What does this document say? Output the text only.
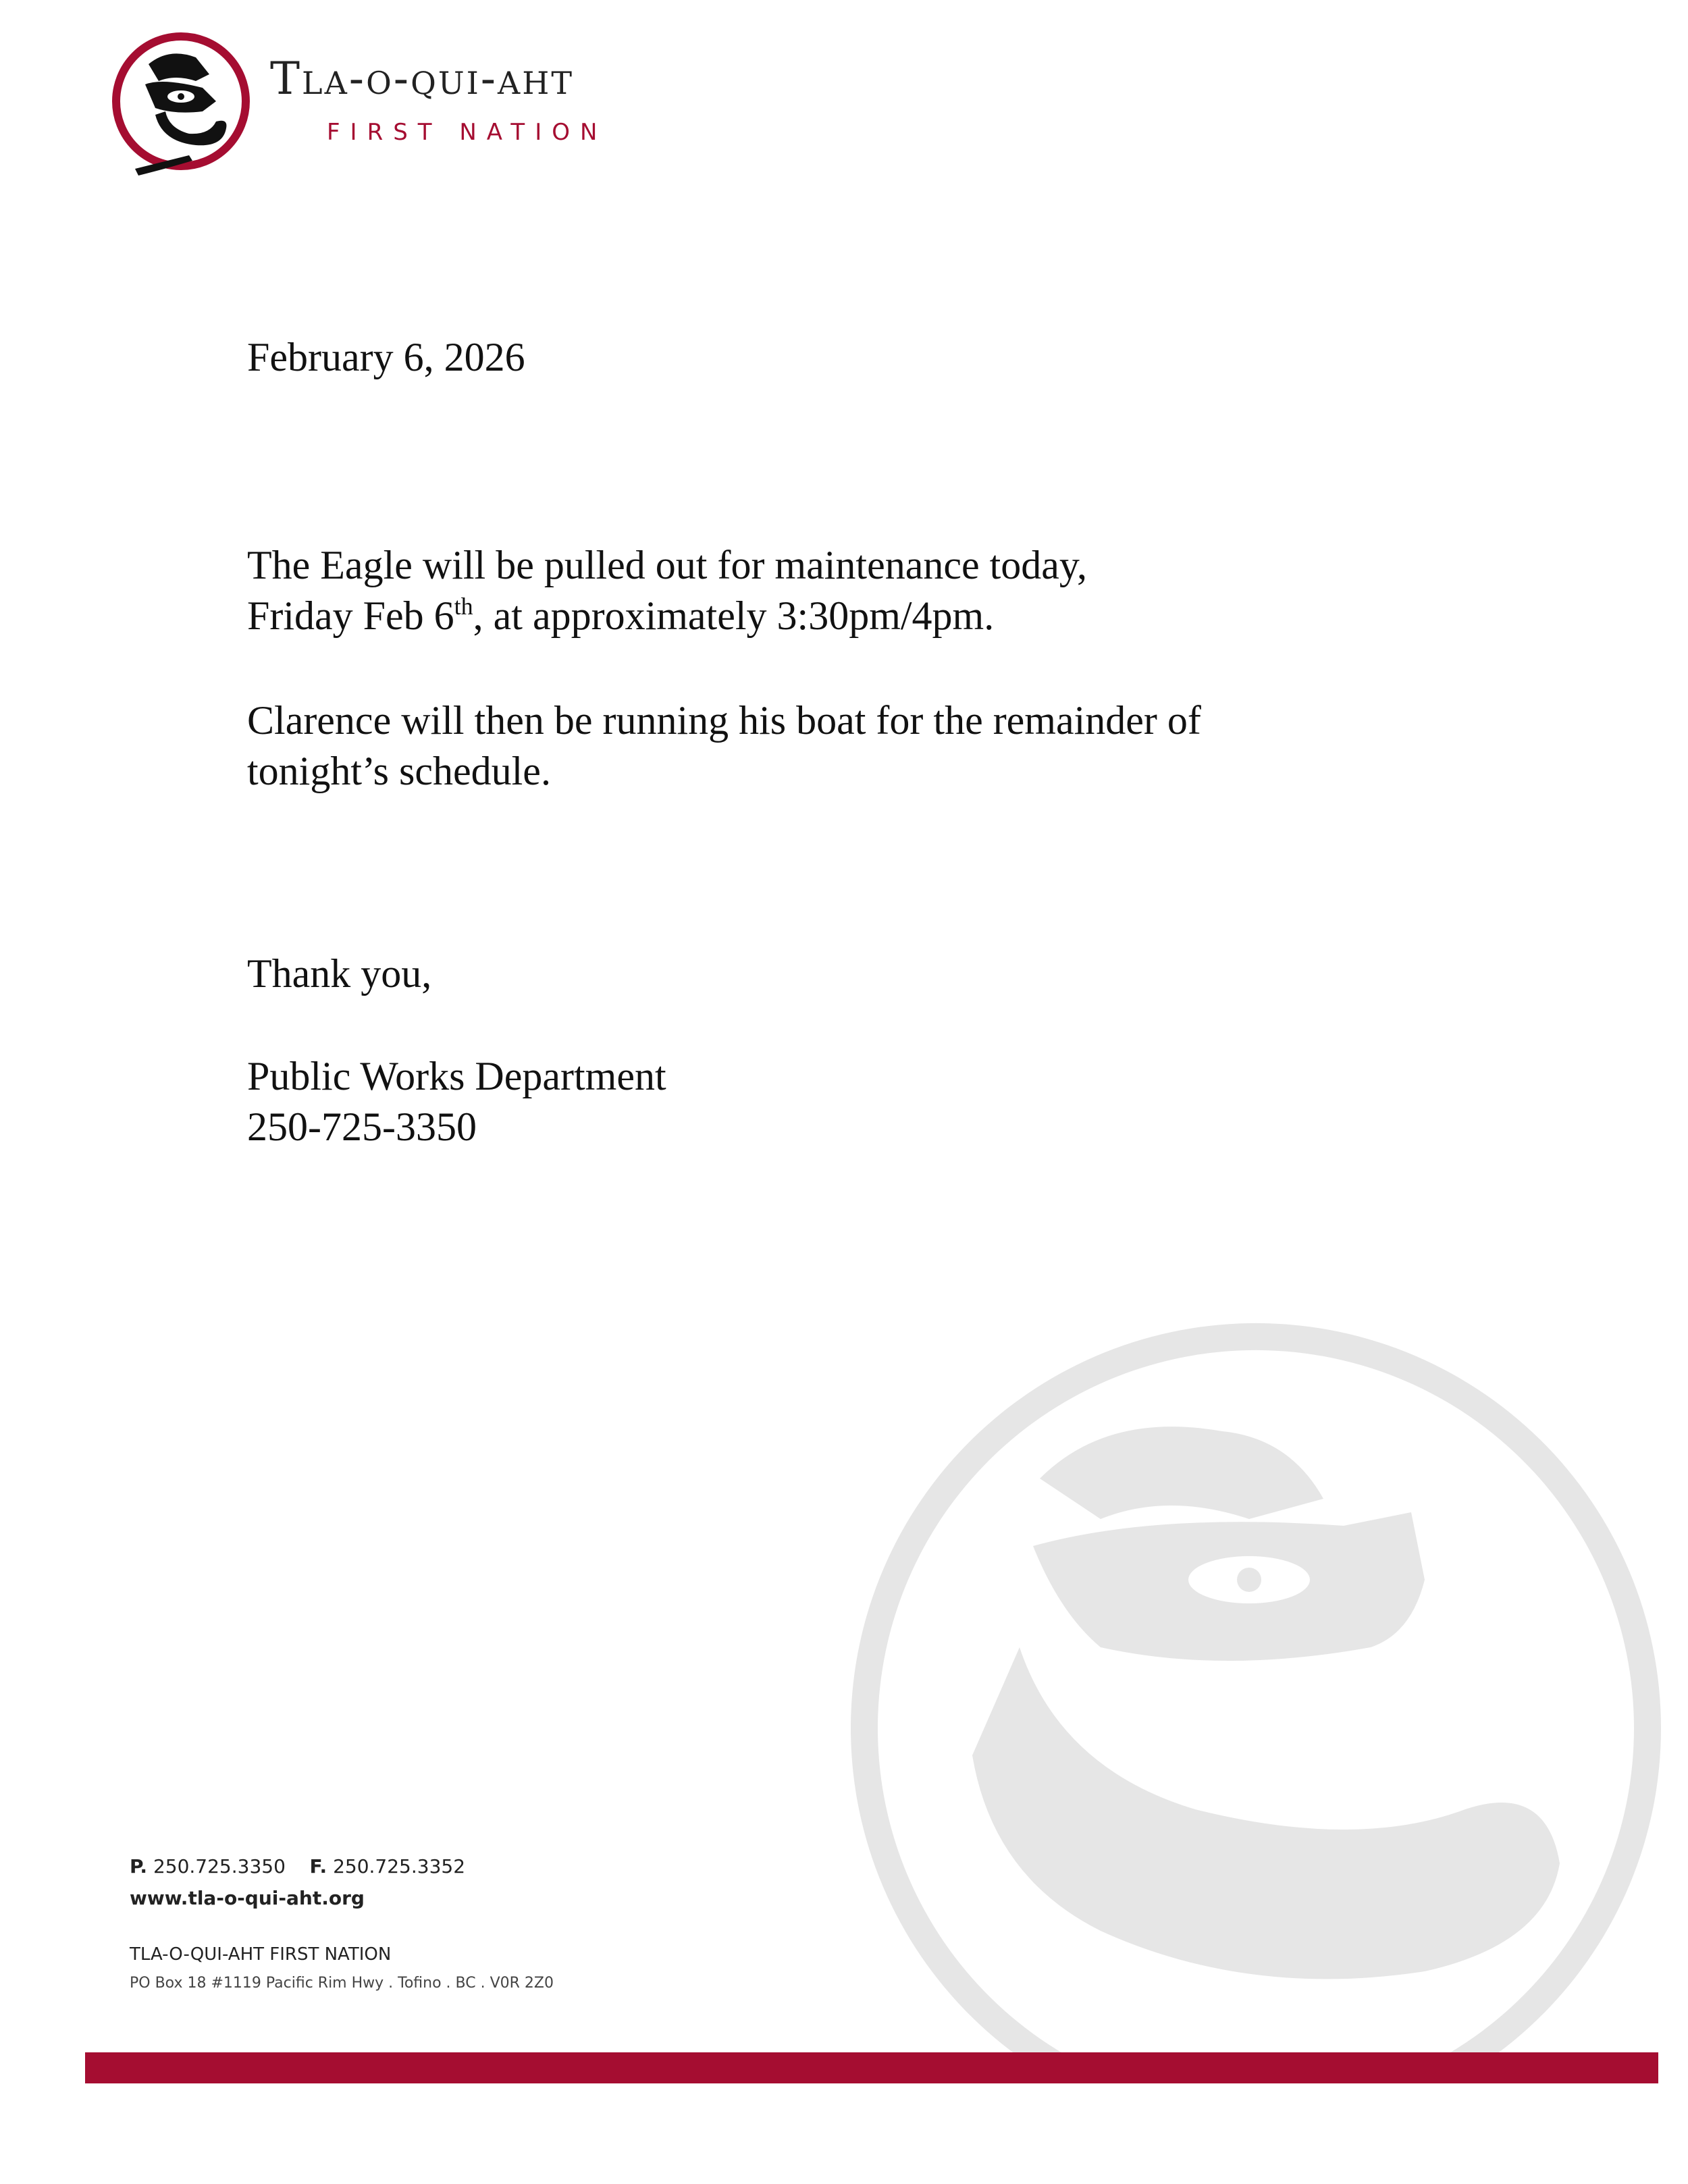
Tla-o-qui-aht
FIRST NATION
February 6, 2026
The Eagle will be pulled out for maintenance today,
Friday Feb 6th, at approximately 3:30pm/4pm.
Clarence will then be running his boat for the remainder of
tonight’s schedule.
Thank you,
Public Works Department
250-725-3350
P. 250.725.3350 F. 250.725.3352
www.tla-o-qui-aht.org
TLA-O-QUI-AHT FIRST NATION
PO Box 18 #1119 Pacific Rim Hwy . Tofino . BC . V0R 2Z0
